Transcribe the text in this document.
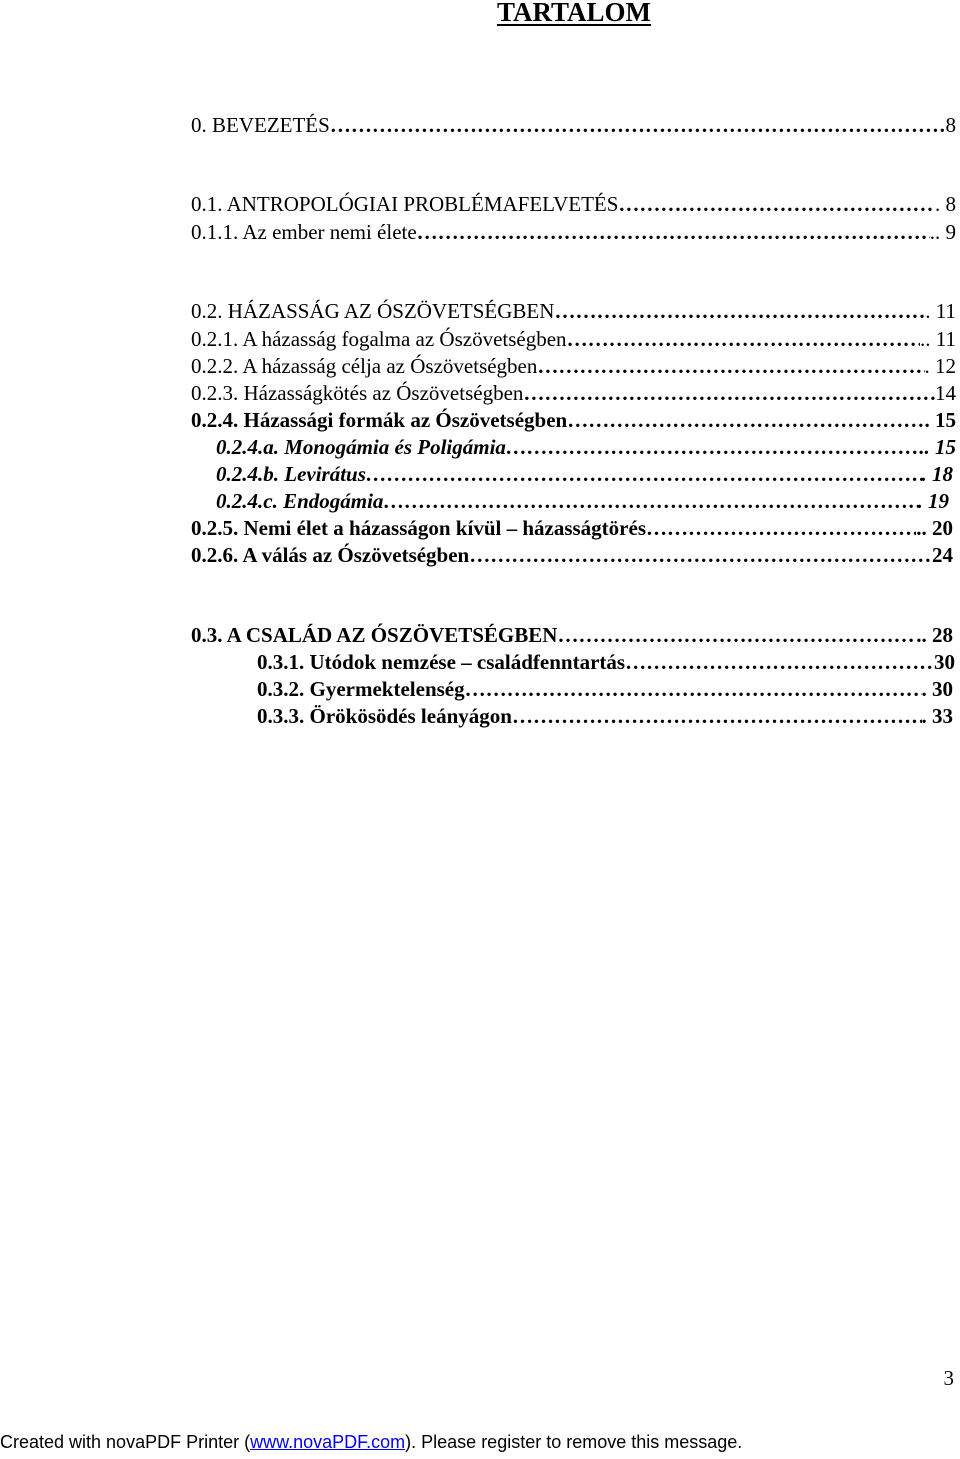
TARTALOM
0. BEVEZETÉS	8
……………………………………………………………………………………………………
0.1. ANTROPOLÓGIAI PROBLÉMAFELVETÉS	. 8
……………………………………………………………………………………………………
0.1.1. Az ember nemi élete	.. 9
……………………………………………………………………………………………………
0.2. HÁZASSÁG AZ ÓSZÖVETSÉGBEN	. 11
……………………………………………………………………………………………………
0.2.1. A házasság fogalma az Ószövetségben	.. 11
……………………………………………………………………………………………………
0.2.2. A házasság célja az Ószövetségben	. 12
……………………………………………………………………………………………………
0.2.3. Házasságkötés az Ószövetségben	14
……………………………………………………………………………………………………
0.2.4. Házassági formák az Ószövetségben	. 15
……………………………………………………………………………………………………
0.2.4.a. Monogámia és Poligámia	.. 15
……………………………………………………………………………………………………
0.2.4.b. Levirátus	. 18
……………………………………………………………………………………………………
0.2.4.c. Endogámia	. 19
……………………………………………………………………………………………………
0.2.5. Nemi élet a házasságon kívül – házasságtörés	.. 20
……………………………………………………………………………………………………
0.2.6. A válás az Ószövetségben	24
……………………………………………………………………………………………………
0.3. A CSALÁD AZ ÓSZÖVETSÉGBEN	.. 28
……………………………………………………………………………………………………
0.3.1. Utódok nemzése – családfenntartás	30
……………………………………………………………………………………………………
0.3.2. Gyermektelenség	. 30
……………………………………………………………………………………………………
0.3.3. Örökösödés leányágon	. 33
……………………………………………………………………………………………………
3
Created with novaPDF Printer (www.novaPDF.com). Please register to remove this message.
